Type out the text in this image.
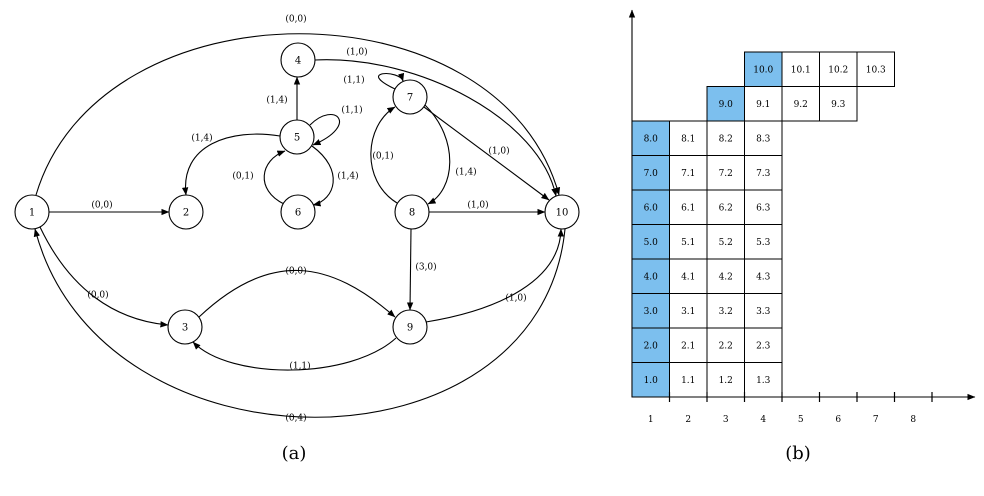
(0,0)
(0,0)
(0,0)
(0,4)
(1,0)
(1,4)
(1,4)
(1,1)
(1,4)
(0,1)
(1,1)
(1,0)
(1,4)
(0,1)
(1,0)
(3,0)
(0,0)
(1,1)
(1,0)
1	2
3
4
5
6
7
8
9
10
(a)
1.0	1.1	1.2	1.3
2.0	2.1	2.2	2.3
3.0	3.1	3.2	3.3
4.0	4.1	4.2	4.3
5.0	5.1	5.2	5.3
6.0	6.1	6.2	6.3
7.0	7.1	7.2	7.3
8.0	8.1	8.2	8.3
9.0	9.1	9.2	9.3
10.0 10.1 10.2 10.3
1	2	3	4	5	6	7	8
(b)
